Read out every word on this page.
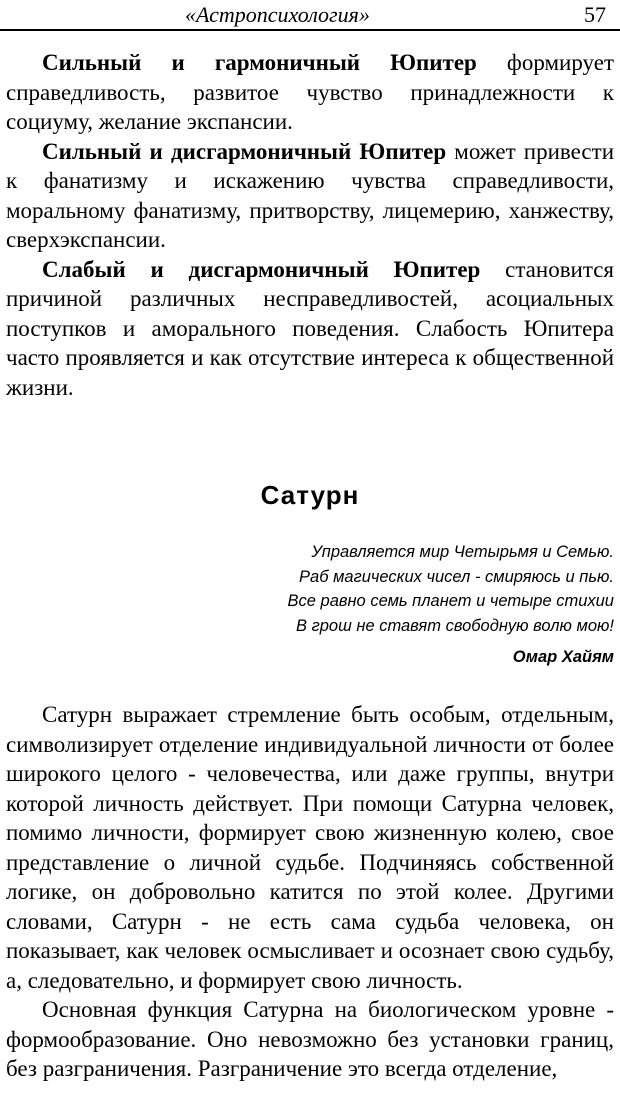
«Астропсихология»	57

Сильный и гармоничный Юпитер формирует справедливость, развитое чувство принадлежности к социуму, желание экспансии.

Сильный и дисгармоничный Юпитер может привести к фанатизму и искажению чувства справедливости, моральному фанатизму, притворству, лицемерию, ханжеству, сверхэкспансии.

Слабый и дисгармоничный Юпитер становится причиной различных несправедливостей, асоциальных поступков и аморального поведения. Слабость Юпитера часто проявляется и как отсутствие интереса к общественной жизни.

Сатурн
Управляется мир Четырьмя и Семью.
Раб магических чисел - смиряюсь и пью.
Все равно семь планет и четыре стихии
В грош не ставят свободную волю мою!
Омар Хайям

Сатурн выражает стремление быть особым, отдельным, символизирует отделение индивидуальной личности от более широкого целого - человечества, или даже группы, внутри которой личность действует. При помощи Сатурна человек, помимо личности, формирует свою жизненную колею, свое представление о личной судьбе. Подчиняясь собственной логике, он добровольно катится по этой колее. Другими словами, Сатурн - не есть сама судьба человека, он показывает, как человек осмысливает и осознает свою судьбу, а, следовательно, и формирует свою личность.

Основная функция Сатурна на биологическом уровне - формообразование. Оно невозможно без установки границ, без разграничения. Разграничение это всегда отделение,
